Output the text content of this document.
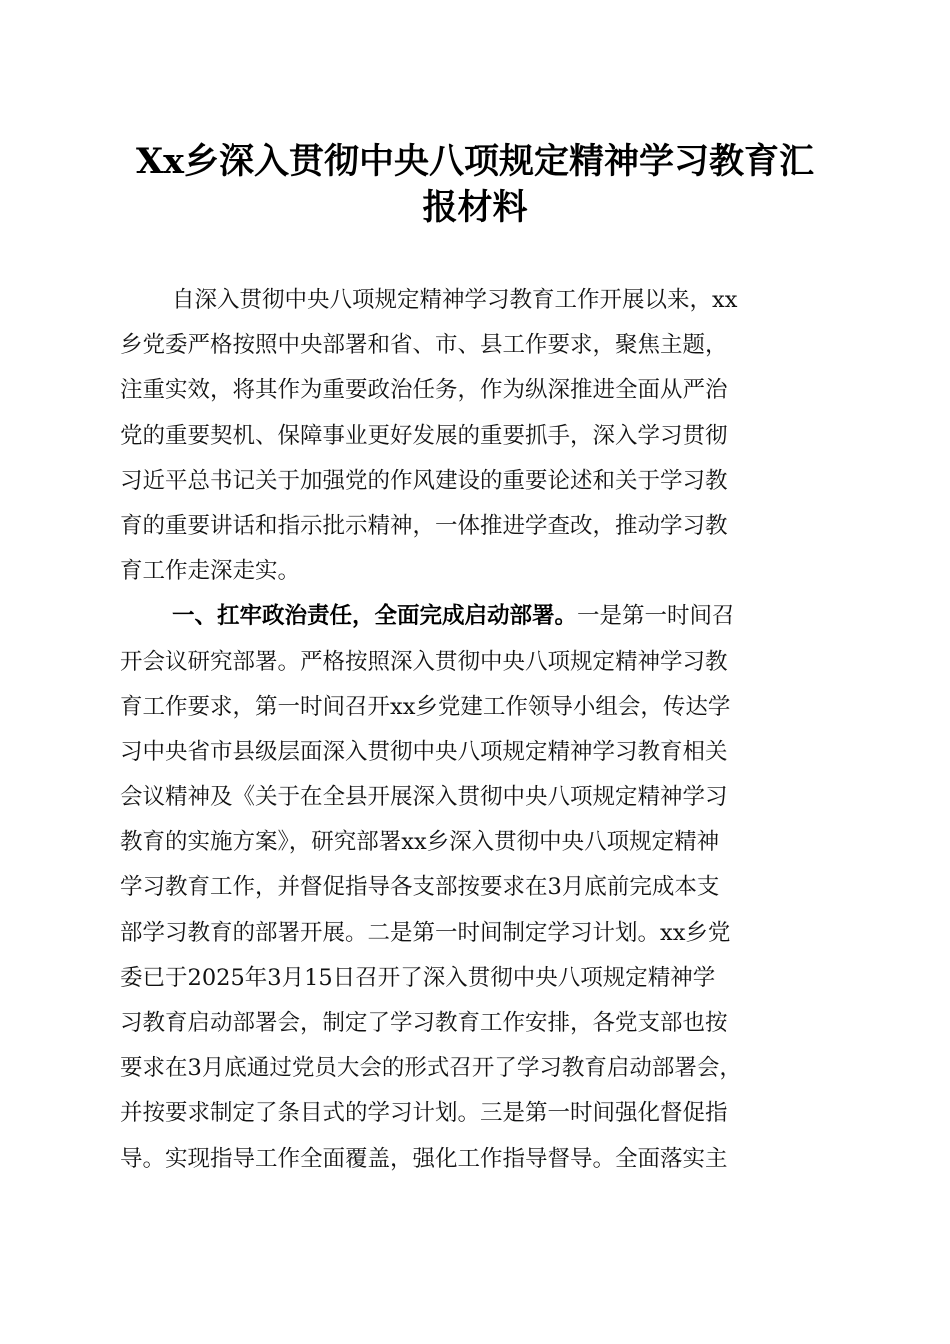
Xx乡深入贯彻中央八项规定精神学习教育汇
报材料
自深入贯彻中央八项规定精神学习教育工作开展以来，xx
乡党委严格按照中央部署和省、市、县工作要求，聚焦主题，
注重实效，将其作为重要政治任务，作为纵深推进全面从严治
党的重要契机、保障事业更好发展的重要抓手，深入学习贯彻
习近平总书记关于加强党的作风建设的重要论述和关于学习教
育的重要讲话和指示批示精神，一体推进学查改，推动学习教
育工作走深走实。
一、扛牢政治责任，全面完成启动部署。一是第一时间召
开会议研究部署。严格按照深入贯彻中央八项规定精神学习教
育工作要求，第一时间召开xx乡党建工作领导小组会，传达学
习中央省市县级层面深入贯彻中央八项规定精神学习教育相关
会议精神及《关于在全县开展深入贯彻中央八项规定精神学习
教育的实施方案》，研究部署xx乡深入贯彻中央八项规定精神
学习教育工作，并督促指导各支部按要求在3月底前完成本支
部学习教育的部署开展。二是第一时间制定学习计划。xx乡党
委已于2025年3月15日召开了深入贯彻中央八项规定精神学
习教育启动部署会，制定了学习教育工作安排，各党支部也按
要求在3月底通过党员大会的形式召开了学习教育启动部署会，
并按要求制定了条目式的学习计划。三是第一时间强化督促指
导。实现指导工作全面覆盖，强化工作指导督导。全面落实主
